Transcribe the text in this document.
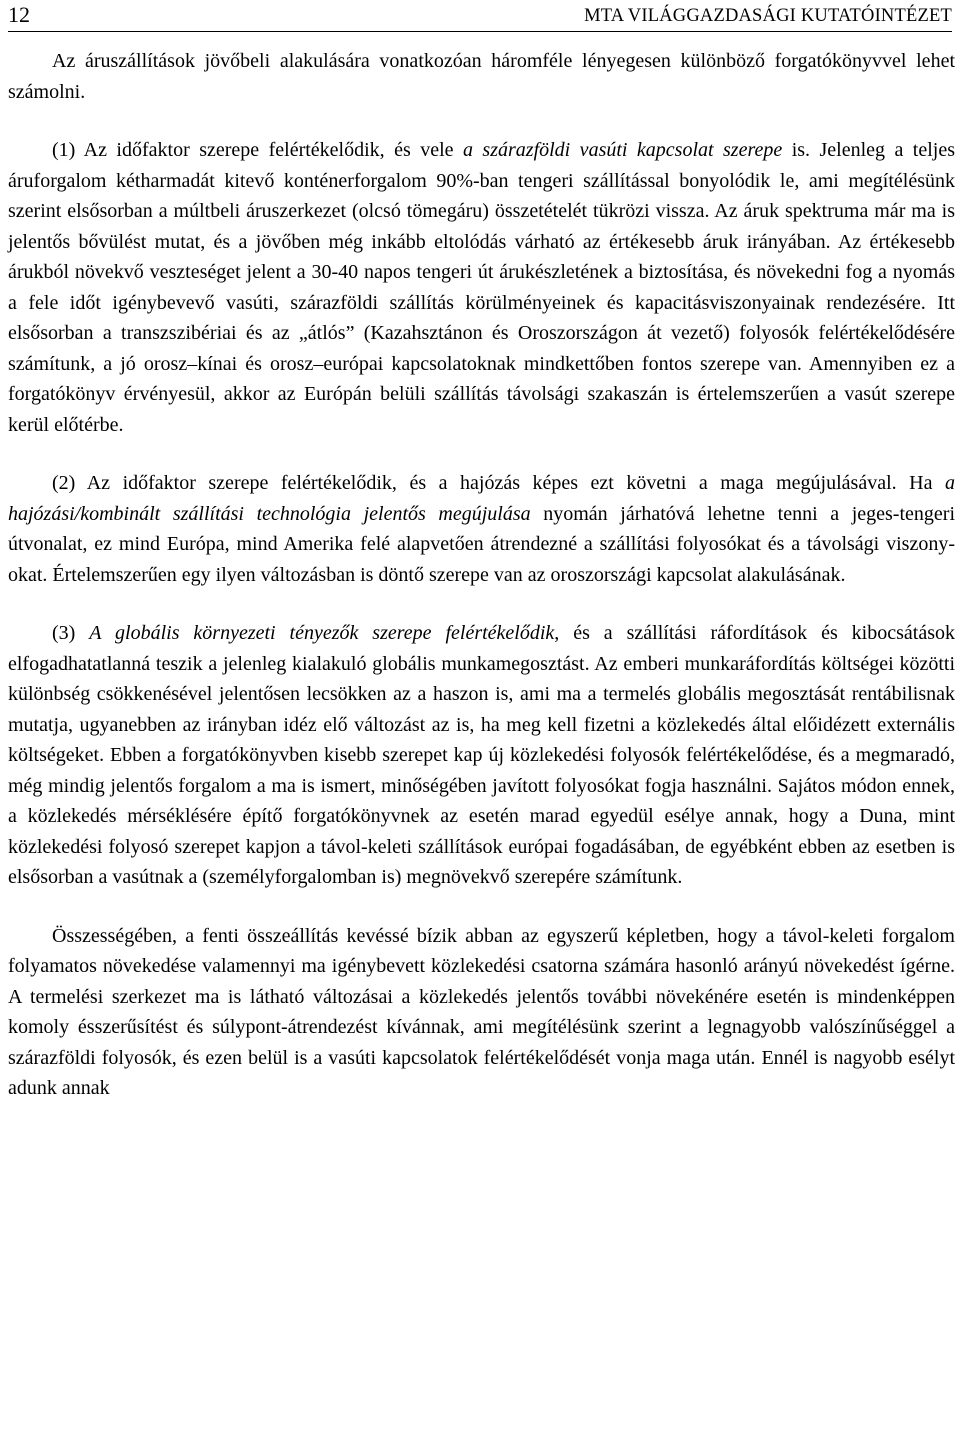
12	MTA VILÁGGAZDASÁGI KUTATÓINTÉZET

Az áruszállítások jövőbeli alakulására vonatkozóan háromféle lényegesen különböző forgatókönyvvel lehet számolni.

(1) Az időfaktor szerepe felértékelődik, és vele a szárazföldi vasúti kapcsolat szerepe is. Jelenleg a teljes áruforgalom kétharmadát kitevő konténerforgalom 90%-ban tengeri szállítással bonyolódik le, ami megítélésünk szerint elsősorban a múltbeli áruszerkezet (olcsó tömegáru) összetételét tükrözi vissza. Az áruk spektruma már ma is jelentős bővülést mutat, és a jövőben még inkább eltolódás várható az értékesebb áruk irányában. Az értékesebb árukból növekvő veszteséget jelent a 30-40 napos tengeri út árukészletének a biztosítása, és növekedni fog a nyomás a fele időt igénybevevő vasúti, szárazföldi szállítás körülményeinek és kapacitásviszonyainak rendezésére. Itt elsősorban a transzszibériai és az „átlós” (Kazahsztánon és Oroszországon át vezető) folyosók felértékelődésére számítunk, a jó orosz–kínai és orosz–európai kapcsolatoknak mindkettőben fontos szerepe van. Amennyiben ez a forgatókönyv érvényesül, akkor az Európán belüli szállítás távolsági szakaszán is értelemszerűen a vasút szerepe kerül előtérbe.

(2) Az időfaktor szerepe felértékelődik, és a hajózás képes ezt követni a maga megújulásával. Ha a hajózási/kombinált szállítási technológia jelentős megújulása nyomán járhatóvá lehetne tenni a jeges-tengeri útvonalat, ez mind Európa, mind Amerika felé alapvetően átrendezné a szállítási folyosókat és a távolsági viszonyokat. Értelemszerűen egy ilyen változásban is döntő szerepe van az oroszországi kapcsolat alakulásának.

(3) A globális környezeti tényezők szerepe felértékelődik, és a szállítási ráfordítások és kibocsátások elfogadhatatlanná teszik a jelenleg kialakuló globális munkamegosztást. Az emberi munkaráfordítás költségei közötti különbség csökkenésével jelentősen lecsökken az a haszon is, ami ma a termelés globális megosztását rentábilisnak mutatja, ugyanebben az irányban idéz elő változást az is, ha meg kell fizetni a közlekedés által előidézett externális költségeket. Ebben a forgatókönyvben kisebb szerepet kap új közlekedési folyosók felértékelődése, és a megmaradó, még mindig jelentős forgalom a ma is ismert, minőségében javított folyosókat fogja használni. Sajátos módon ennek, a közlekedés mérséklésére építő forgatókönyvnek az esetén marad egyedül esélye annak, hogy a Duna, mint közlekedési folyosó szerepet kapjon a távol-keleti szállítások európai fogadásában, de egyébként ebben az esetben is elsősorban a vasútnak a (személyforgalomban is) megnövekvő szerepére számítunk.

Összességében, a fenti összeállítás kevéssé bízik abban az egyszerű képletben, hogy a távol-keleti forgalom folyamatos növekedése valamennyi ma igénybevett közlekedési csatorna számára hasonló arányú növekedést ígérne. A termelési szerkezet ma is látható változásai a közlekedés jelentős további növekénére esetén is mindenképpen komoly ésszerűsítést és súlypont-átrendezést kívánnak, ami megítélésünk szerint a legnagyobb valószínűséggel a szárazföldi folyosók, és ezen belül is a vasúti kapcsolatok felértékelődését vonja maga után. Ennél is nagyobb esélyt adunk annak
